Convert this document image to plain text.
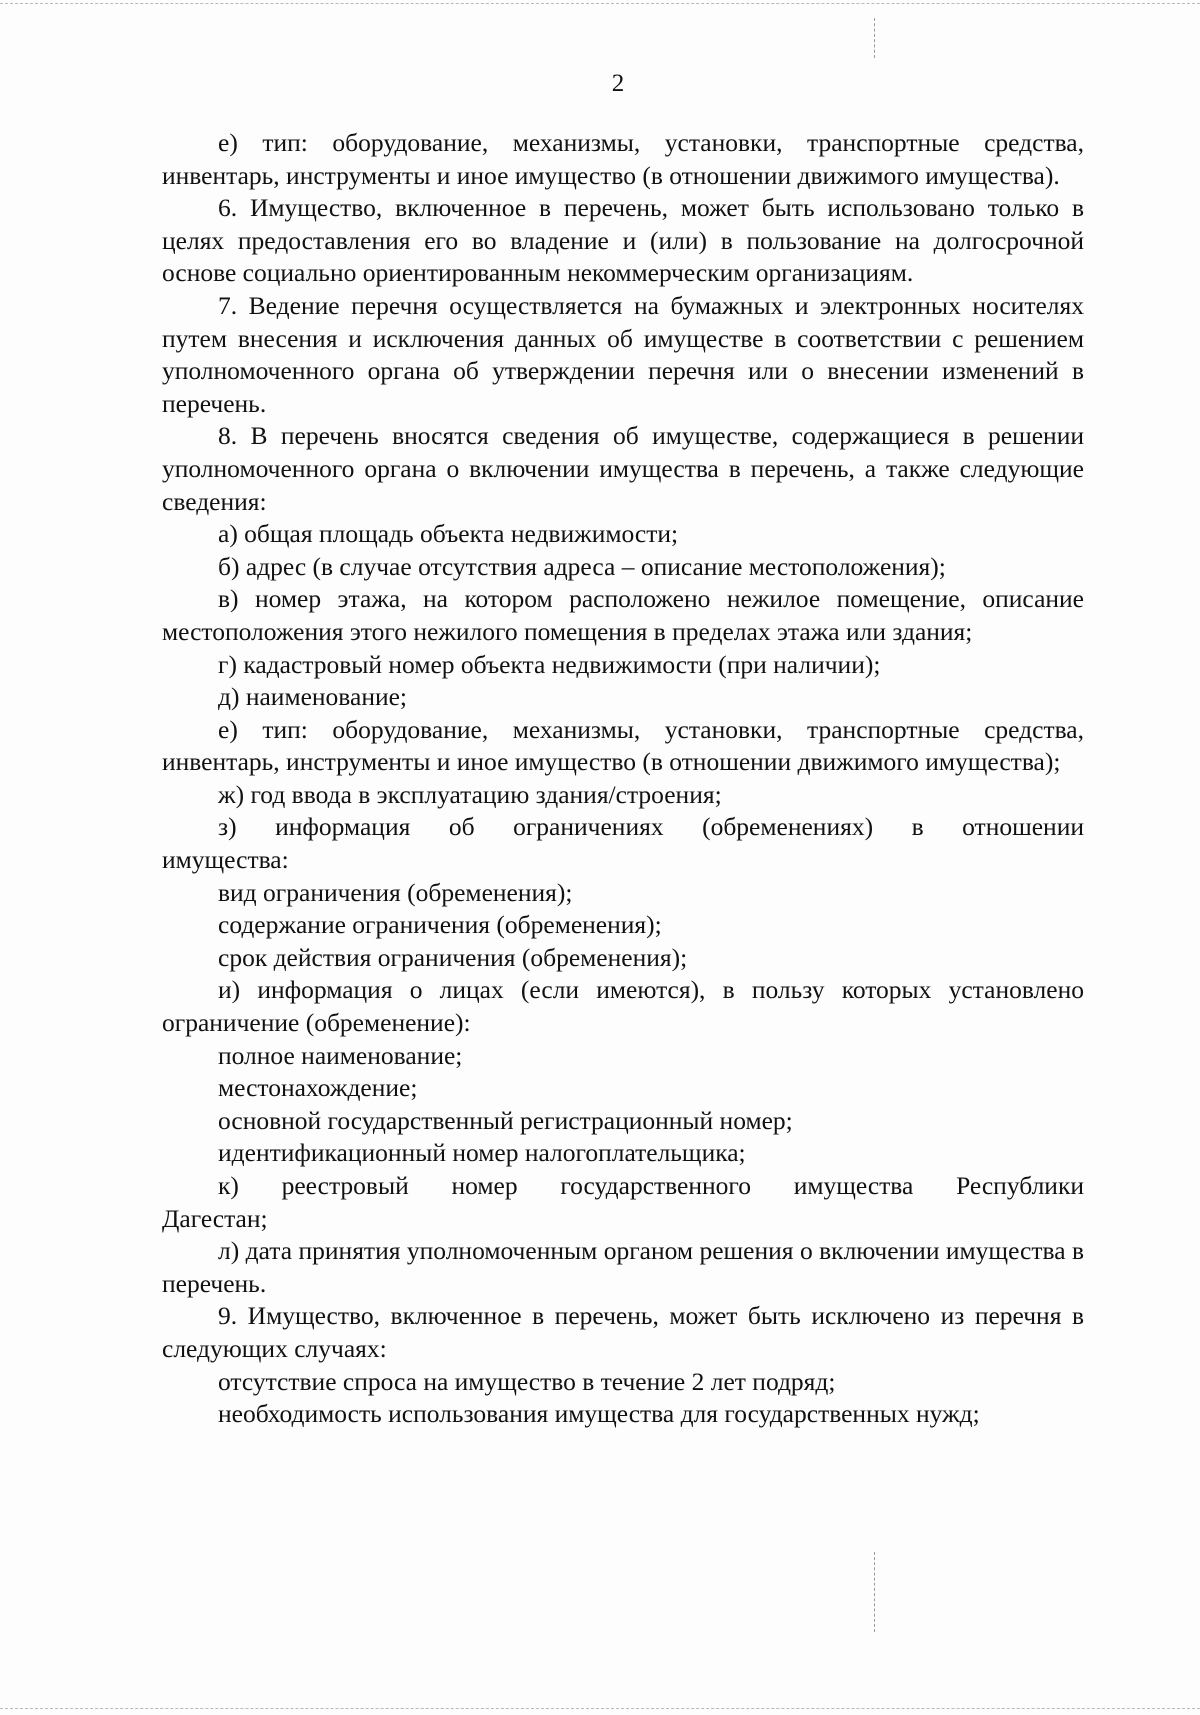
2

е) тип: оборудование, механизмы, установки, транспортные средства, инвентарь, инструменты и иное имущество (в отношении движимого имущества).

6. Имущество, включенное в перечень, может быть использовано только в целях предоставления его во владение и (или) в пользование на долгосрочной основе социально ориентированным некоммерческим организациям.

7. Ведение перечня осуществляется на бумажных и электронных носителях путем внесения и исключения данных об имуществе в соответствии с решением уполномоченного органа об утверждении перечня или о внесении изменений в перечень.

8. В перечень вносятся сведения об имуществе, содержащиеся в решении уполномоченного органа о включении имущества в перечень, а также следующие сведения:

а) общая площадь объекта недвижимости;

б) адрес (в случае отсутствия адреса – описание местоположения);

в) номер этажа, на котором расположено нежилое помещение, описание местоположения этого нежилого помещения в пределах этажа или здания;

г) кадастровый номер объекта недвижимости (при наличии);

д) наименование;

е) тип: оборудование, механизмы, установки, транспортные средства, инвентарь, инструменты и иное имущество (в отношении движимого имущества);

ж) год ввода в эксплуатацию здания/строения;

з) информация об ограничениях (обременениях) в отношении имущества:

вид ограничения (обременения);

содержание ограничения (обременения);

срок действия ограничения (обременения);

и) информация о лицах (если имеются), в пользу которых установлено ограничение (обременение):

полное наименование;

местонахождение;

основной государственный регистрационный номер;

идентификационный номер налогоплательщика;

к) реестровый номер государственного имущества Республики Дагестан;

л) дата принятия уполномоченным органом решения о включении имущества в перечень.

9. Имущество, включенное в перечень, может быть исключено из перечня в следующих случаях:

отсутствие спроса на имущество в течение 2 лет подряд;

необходимость использования имущества для государственных нужд;
